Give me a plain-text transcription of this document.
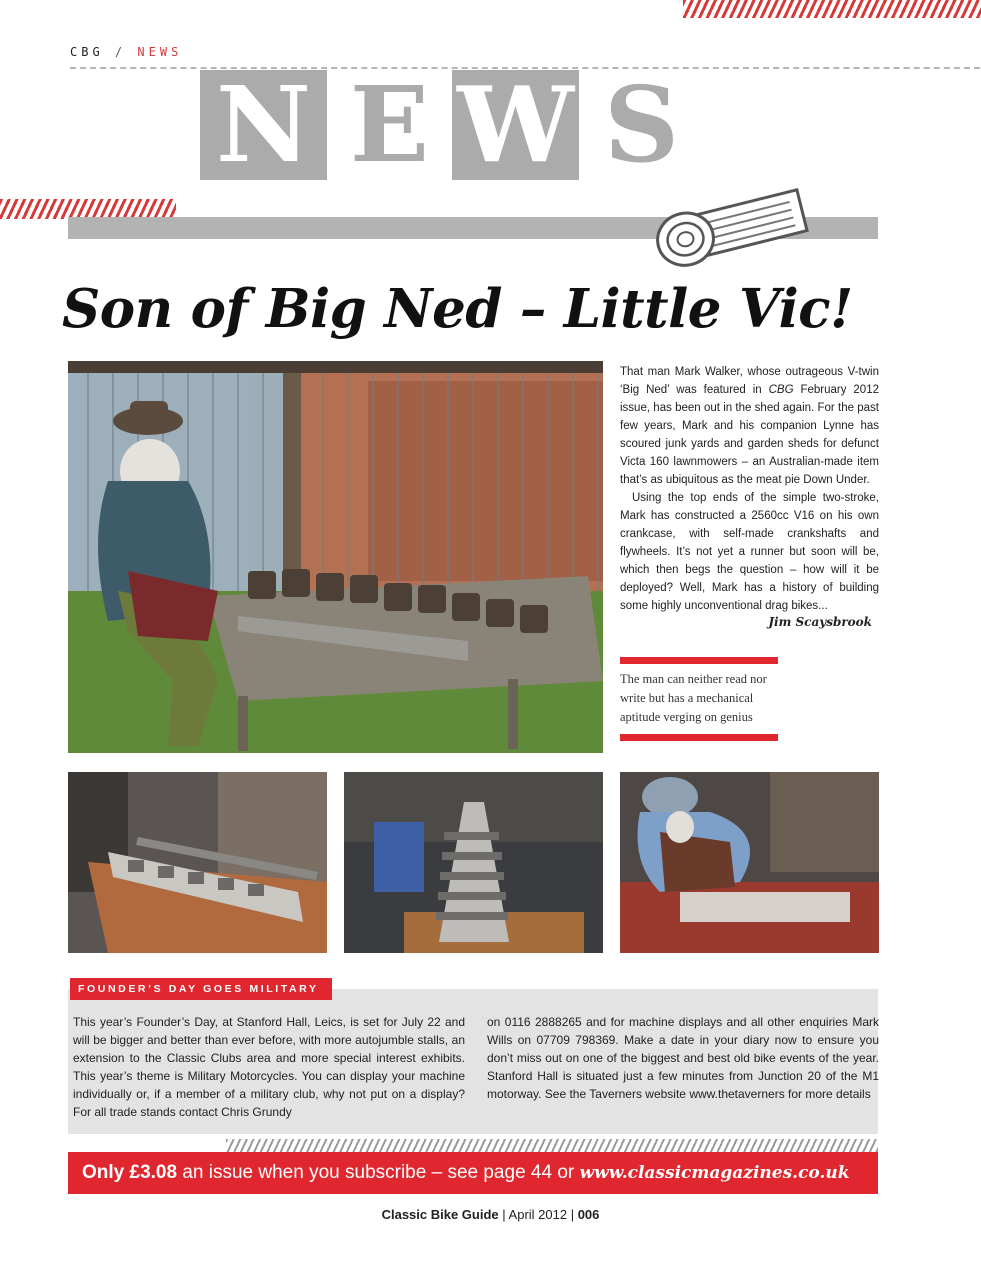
CBG / NEWS
N E W S
Son of Big Ned – Little Vic!

That man Mark Walker, whose outrageous V-twin ‘Big Ned’ was featured in CBG February 2012 issue, has been out in the shed again. For the past few years, Mark and his companion Lynne has scoured junk yards and garden sheds for defunct Victa 160 lawnmowers – an Australian-made item that’s as ubiquitous as the meat pie Down Under.

Using the top ends of the simple two-stroke, Mark has constructed a 2560cc V16 on his own crankcase, with self-made crankshafts and flywheels. It’s not yet a runner but soon will be, which then begs the question – how will it be deployed? Well, Mark has a history of building some highly unconventional drag bikes...

Jim Scaysbrook
The man can neither read nor write but has a mechanical aptitude verging on genius
FOUNDER’S DAY GOES MILITARY
This year’s Founder’s Day, at Stanford Hall, Leics, is set for July 22 and will be bigger and better than ever before, with more autojumble stalls, an extension to the Classic Clubs area and more special interest exhibits. This year’s theme is Military Motorcycles. You can display your machine individually or, if a member of a military club, why not put on a display? For all trade stands contact Chris Grundy
on 0116 2888265 and for machine displays and all other enquiries Mark Wills on 07709 798369. Make a date in your diary now to ensure you don’t miss out on one of the biggest and best old bike events of the year. Stanford Hall is situated just a few minutes from Junction 20 of the M1 motorway. See the Taverners website www.thetaverners for more details
Only £3.08 an issue when you subscribe – see page 44 or www.classicmagazines.co.uk
Classic Bike Guide | April 2012 | 006
